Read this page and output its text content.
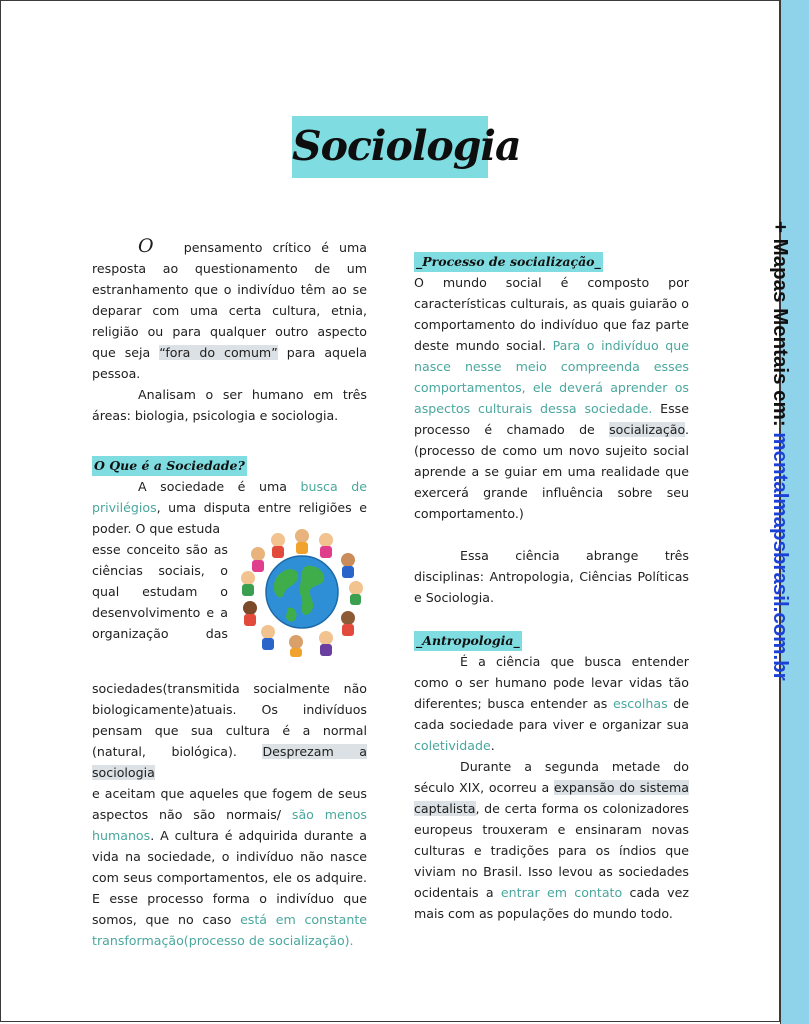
+ Mapas Mentais em: mentalmapsbrasil.com.br
Sociologia

O pensamento crítico é uma

resposta ao questionamento de um

estranhamento que o indivíduo têm ao se

deparar com uma certa cultura, etnia,

religião ou para qualquer outro aspecto

que seja “fora do comum” para aquela

pessoa.

Analisam o ser humano em três

áreas: biologia, psicologia e sociologia.

O Que é a Sociedade?

A sociedade é uma busca de

privilégios, uma disputa entre religiões e

poder. O que estuda

esse conceito são as

ciências sociais, o

qual estudam o

desenvolvimento e a

organização das

sociedades(transmitida socialmente não

biologicamente)atuais. Os indivíduos

pensam que sua cultura é a normal

(natural, biológica). Desprezam a sociologia

e aceitam que aqueles que fogem de seus

aspectos não são normais/ são menos

humanos. A cultura é adquirida durante a

vida na sociedade, o indivíduo não nasce

com seus comportamentos, ele os adquire.

E esse processo forma o indivíduo que

somos, que no caso está em constante

transformação(processo de socialização).

_Processo de socialização_

O mundo social é composto por

características culturais, as quais guiarão o

comportamento do indivíduo que faz parte

deste mundo social. Para o indivíduo que

nasce nesse meio compreenda esses

comportamentos, ele deverá aprender os

aspectos culturais dessa sociedade. Esse

processo é chamado de socialização.

(processo de como um novo sujeito social

aprende a se guiar em uma realidade que

exercerá grande influência sobre seu

comportamento.)

Essa ciência abrange três

disciplinas: Antropologia, Ciências Políticas

e Sociologia.

_Antropologia_

É a ciência que busca entender

como o ser humano pode levar vidas tão

diferentes; busca entender as escolhas de

cada sociedade para viver e organizar sua

coletividade.

Durante a segunda metade do

século XIX, ocorreu a expansão do sistema

captalista, de certa forma os colonizadores

europeus trouxeram e ensinaram novas

culturas e tradições para os índios que

viviam no Brasil. Isso levou as sociedades

ocidentais a entrar em contato cada vez

mais com as populações do mundo todo.
